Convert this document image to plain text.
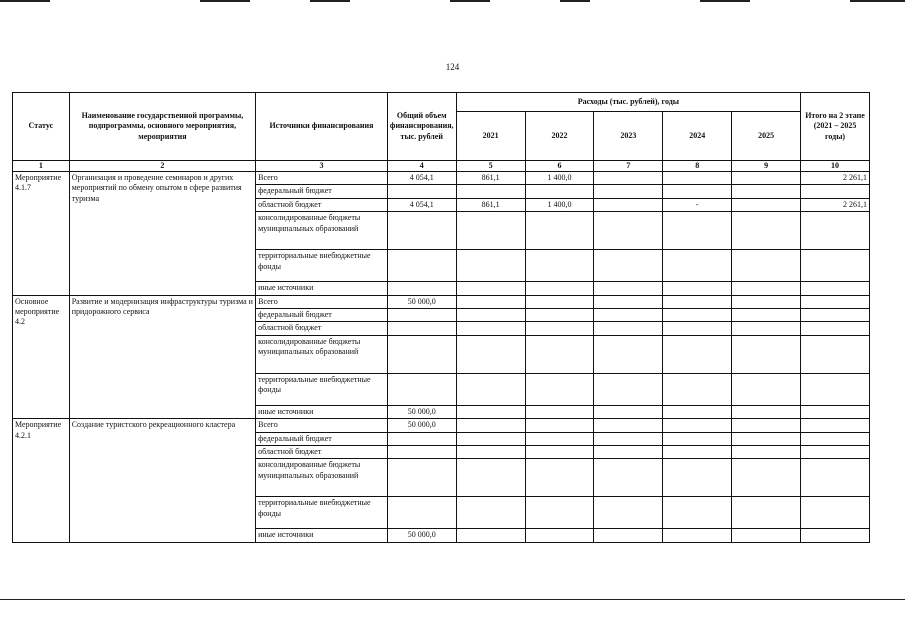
124
Статус	Наименование государственной программы, подпрограммы, основного мероприятия, мероприятия	Источники финансирования	Общий объем финансирования, тыс. рублей	Расходы (тыс. рублей), годы					Итого на 2 этапе (2021 – 2025 годы)
				2021	2022	2023	2024	2025	
1	2	3	4	5	6	7	8	9	10
Мероприятие 4.1.7	Организация и проведение семинаров и других мероприятий по обмену опытом в сфере развития туризма	Всего	4 054,1	861,1	1 400,0				2 261,1
		федеральный бюджет							
		областной бюджет	4 054,1	861,1	1 400,0		-		2 261,1
		консолидированные бюджеты муниципальных образований							
		территориальные внебюджетные фонды							
		иные источники							
Основное мероприятие 4.2	Развитие и модернизация инфраструктуры туризма и придорожного сервиса	Всего	50 000,0						
		федеральный бюджет							
		областной бюджет							
		консолидированные бюджеты муниципальных образований							
		территориальные внебюджетные фонды							
		иные источники	50 000,0						
Мероприятие 4.2.1	Создание туристского рекреационного кластера	Всего	50 000,0						
		федеральный бюджет							
		областной бюджет							
		консолидированные бюджеты муниципальных образований							
		территориальные внебюджетные фонды							
		иные источники	50 000,0						
